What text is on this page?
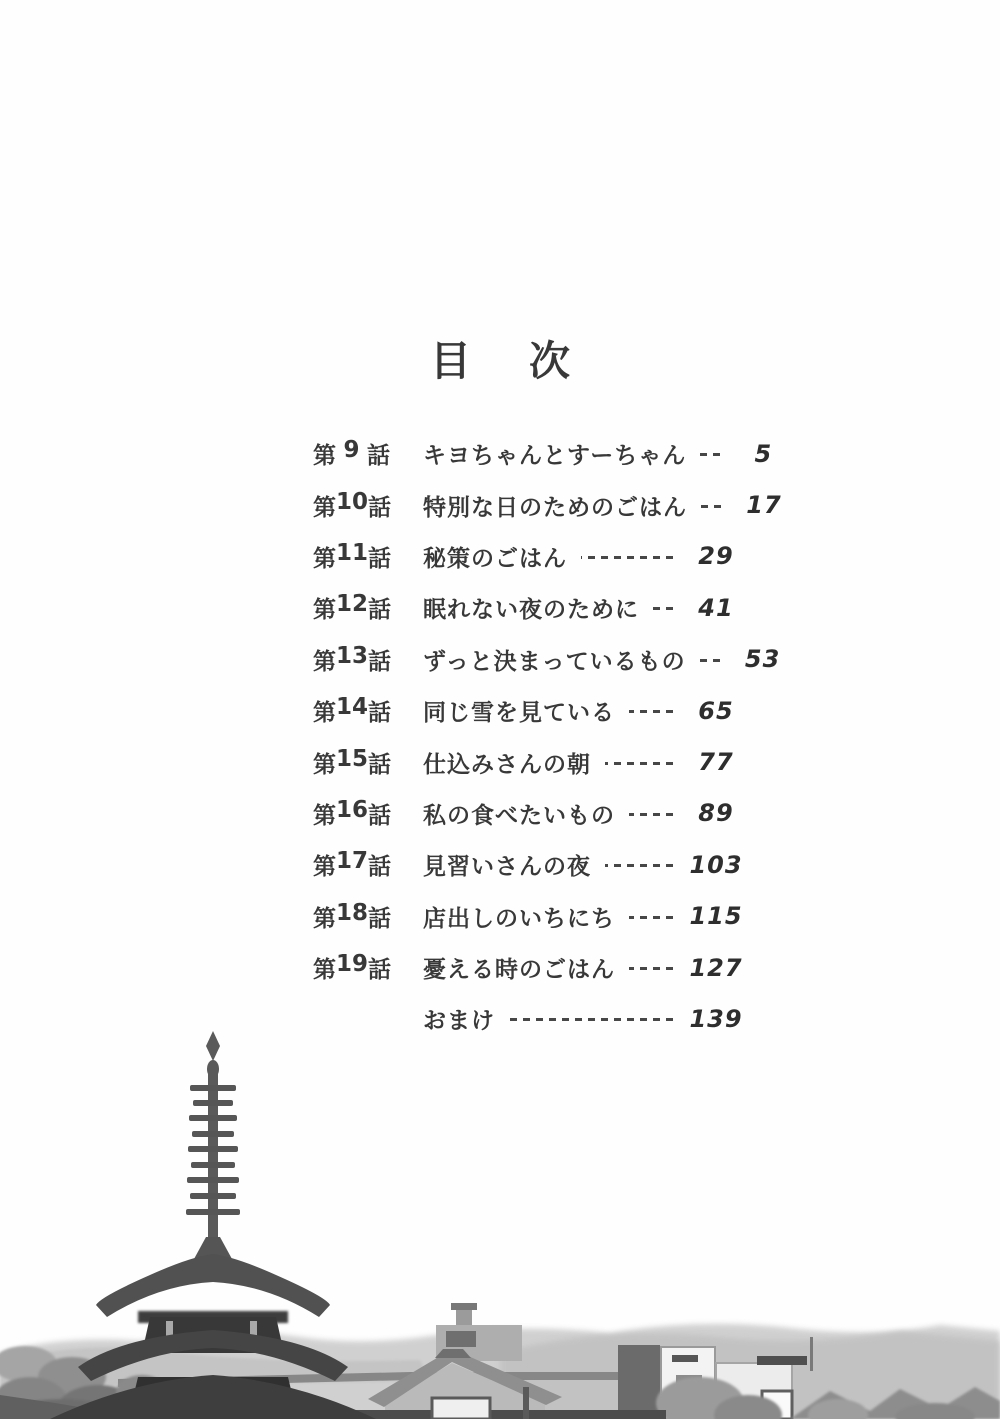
目次
第 9 話 キヨちゃんとすーちゃん	5
第 10 話 特別な日のためのごはん	17
第 11 話 秘策のごはん	29
第 12 話 眠れない夜のために	41
第 13 話 ずっと決まっているもの	53
第 14 話 同じ雪を見ている	65
第 15 話 仕込みさんの朝	77
第 16 話 私の食べたいもの	89
第 17 話 見習いさんの夜	103
第 18 話 店出しのいちにち	115
第 19 話 憂える時のごはん	127
おまけ	139
